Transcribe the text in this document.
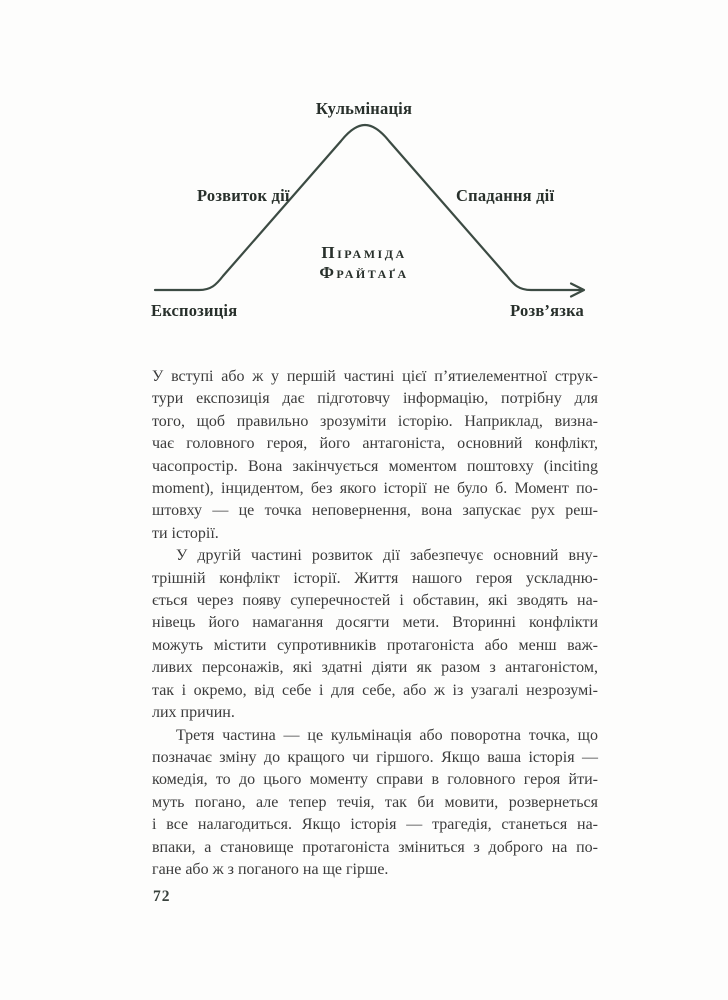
Кульмінація
Розвиток дії	Спадання дії
Піраміда
Фрайтаґа
Експозиція	Розв’язка
У вступі або ж у першій частині цієї п’ятиелементної струк-
тури експозиція дає підготовчу інформацію, потрібну для
того, щоб правильно зрозуміти історію. Наприклад, визна-
чає головного героя, його антагоніста, основний конфлікт,
часопростір. Вона закінчується моментом поштовху (inciting
moment), інцидентом, без якого історії не було б. Момент по-
штовху — це точка неповернення, вона запускає рух реш-
ти історії.
У другій частині розвиток дії забезпечує основний вну-
трішній конфлікт історії. Життя нашого героя ускладню-
ється через появу суперечностей і обставин, які зводять на-
нівець його намагання досягти мети. Вторинні конфлікти
можуть містити супротивників протагоніста або менш важ-
ливих персонажів, які здатні діяти як разом з антагоністом,
так і окремо, від себе і для себе, або ж із узагалі незрозумі-
лих причин.
Третя частина — це кульмінація або поворотна точка, що
позначає зміну до кращого чи гіршого. Якщо ваша історія —
комедія, то до цього моменту справи в головного героя йти-
муть погано, але тепер течія, так би мовити, розвернеться
і все налагодиться. Якщо історія — трагедія, станеться на-
впаки, а становище протагоніста зміниться з доброго на по-
гане або ж з поганого на ще гірше.
72
